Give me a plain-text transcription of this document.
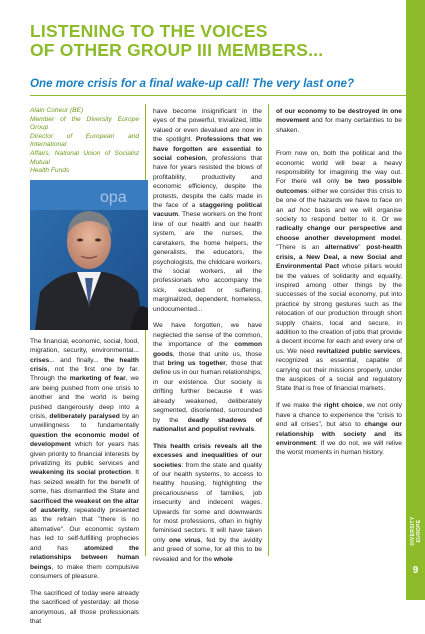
LISTENING TO THE VOICES
OF OTHER GROUP III MEMBERS...

One more crisis for a final wake-up call! The very last one?

Alain Coheur (BE)
Member of the Diversity Europe Group
Director of European and International
Affairs, National Union of Socialist Mutual
Health Funds
opa

The financial, economic, social, food, migration, security, environmental... crises... and finally... the health crisis, not the first one by far. Through the marketing of fear, we are being pushed from one crisis to another and the world is being pushed dangerously deep into a crisis, deliberately paralysed by an unwillingness to fundamentally question the economic model of development which for years has given priority to financial interests by privatizing its public services and weakening its social protection. It has seized wealth for the benefit of some, has dismantled the State and sacrificed the weakest on the altar of austerity, repeatedly presented as the refrain that "there is no alternative". Our economic system has led to self-fulfilling prophecies and has atomized the relationships between human beings, to make them compulsive consumers of pleasure.

The sacrificed of today were already the sacrificed of yesterday: all those anonymous, all those professionals that

have become insignificant in the eyes of the powerful, trivialized, little valued or even devalued are now in the spotlight. Professions that we have forgotten are essential to social cohesion, professions that have for years resisted the blows of profitability, productivity and economic efficiency, despite the protests, despite the calls made in the face of a staggering political vacuum. These workers on the front line of our health and our health system, are the nurses, the caretakers, the home helpers, the generalists, the educators, the psychologists, the childcare workers, the social workers, all the professionals who accompany the sick, excluded or suffering, marginalized, dependent, homeless, undocumented...

We have forgotten, we have neglected the sense of the common, the importance of the common goods, those that unite us, those that bring us together, those that define us in our human relationships, in our existence. Our society is drifting further because it was already weakened, deliberately segmented, disoriented, surrounded by the deadly shadows of nationalist and populist revivals.

This health crisis reveals all the excesses and inequalities of our societies: from the state and quality of our health systems, to access to healthy housing, highlighting the precariousness of families, job insecurity and indecent wages. Upwards for some and downwards for most professions, often in highly feminised sectors. It will have taken only one virus, fed by the avidity and greed of some, for all this to be revealed and for the whole

of our economy to be destroyed in one movement and for many certainties to be shaken.

From now on, both the political and the economic world will bear a heavy responsibility for imagining the way out. For there will only be two possible outcomes: either we consider this crisis to be one of the hazards we have to face on an ad hoc basis and we will organise society to respond better to it. Or we radically change our perspective and choose another development model. "There is an alternative" post-health crisis, a New Deal, a new Social and Environmental Pact whose pillars would be the values of solidarity and equality, inspired among other things by the successes of the social economy, put into practice by strong gestures such as the relocation of our production through short supply chains, local and secure, in addition to the creation of jobs that provide a decent income for each and every one of us. We need revitalized public services, recognized as essential, capable of carrying out their missions properly, under the auspices of a social and regulatory State that is free of financial markets.

If we make the right choice, we not only have a chance to experience the "crisis to end all crises", but also to change our relationship with society and its environment. If we do not, we will relive the worst moments in human history.

DIVERSITY EUROPE
9
